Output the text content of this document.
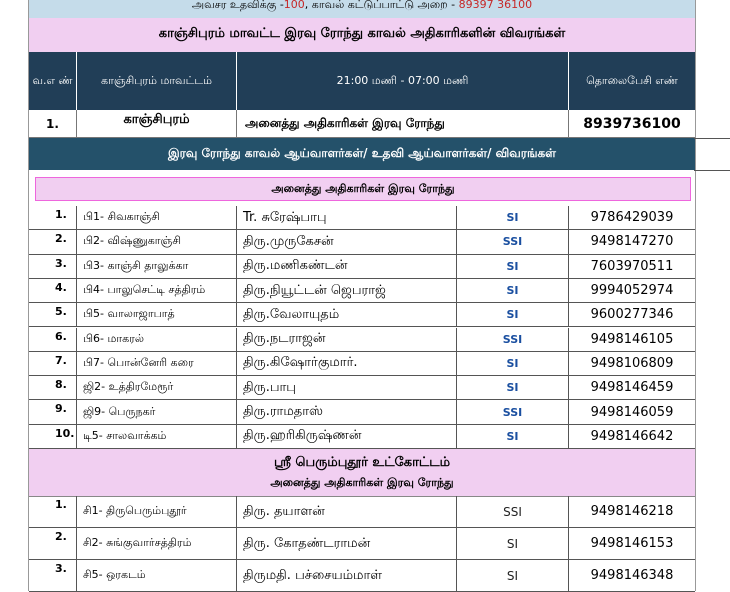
அவசர உதவிக்கு -100, காவல் கட்டுப்பாட்டு அறை - 89397 36100
காஞ்சிபுரம் மாவட்ட இரவு ரோந்து காவல் அதிகாரிகளின் விவரங்கள்
வ.எ ண்	காஞ்சிபுரம் மாவட்டம்	21:00 மணி - 07:00 மணி	தொலைபேசி எண்
1.	காஞ்சிபுரம்	அனைத்து அதிகாரிகள் இரவு ரோந்து	8939736100
இரவு ரோந்து காவல் ஆய்வாளர்கள்/ உதவி ஆய்வாளர்கள்/ விவரங்கள்
அனைத்து அதிகாரிகள் இரவு ரோந்து
1.	பி1- சிவகாஞ்சி	Tr. சுரேஷ்பாபு	SI	9786429039
2.	பி2- விஷ்ணுகாஞ்சி	திரு.முருகேசன்	SSI	9498147270
3.	பி3- காஞ்சி தாலுக்கா	திரு.மணிகண்டன்	SI	7603970511
4.	பி4- பாலுசெட்டி சத்திரம்	திரு.நியூட்டன் ஜெபராஜ்	SI	9994052974
5.	பி5- வாலாஜாபாத்	திரு.வேலாயுதம்	SI	9600277346
6.	பி6- மாகரல்	திரு.நடராஜன்	SSI	9498146105
7.	பி7- பொன்னேரி கரை	திரு.கிஷோர்குமார்.	SI	9498106809
8.	ஜி2- உத்திரமேரூர்	திரு.பாபு	SI	9498146459
9.	ஜி9- பெருநகர்	திரு.ராமதாஸ்	SSI	9498146059
10. டி5- சாலவாக்கம்	திரு.ஹரிகிருஷ்ணன்	SI	9498146642
ஸ்ரீ பெரும்புதூர் உட்கோட்டம்
அனைத்து அதிகாரிகள் இரவு ரோந்து
1.	சி1- திருபெரும்புதூர்	திரு. தயாளன்	SSI	9498146218
2.	சி2- சுங்குவார்சத்திரம்	திரு. கோதண்டராமன்	SI	9498146153
3.	சி5- ஒரகடம்	திருமதி. பச்சையம்மாள்	SI	9498146348
